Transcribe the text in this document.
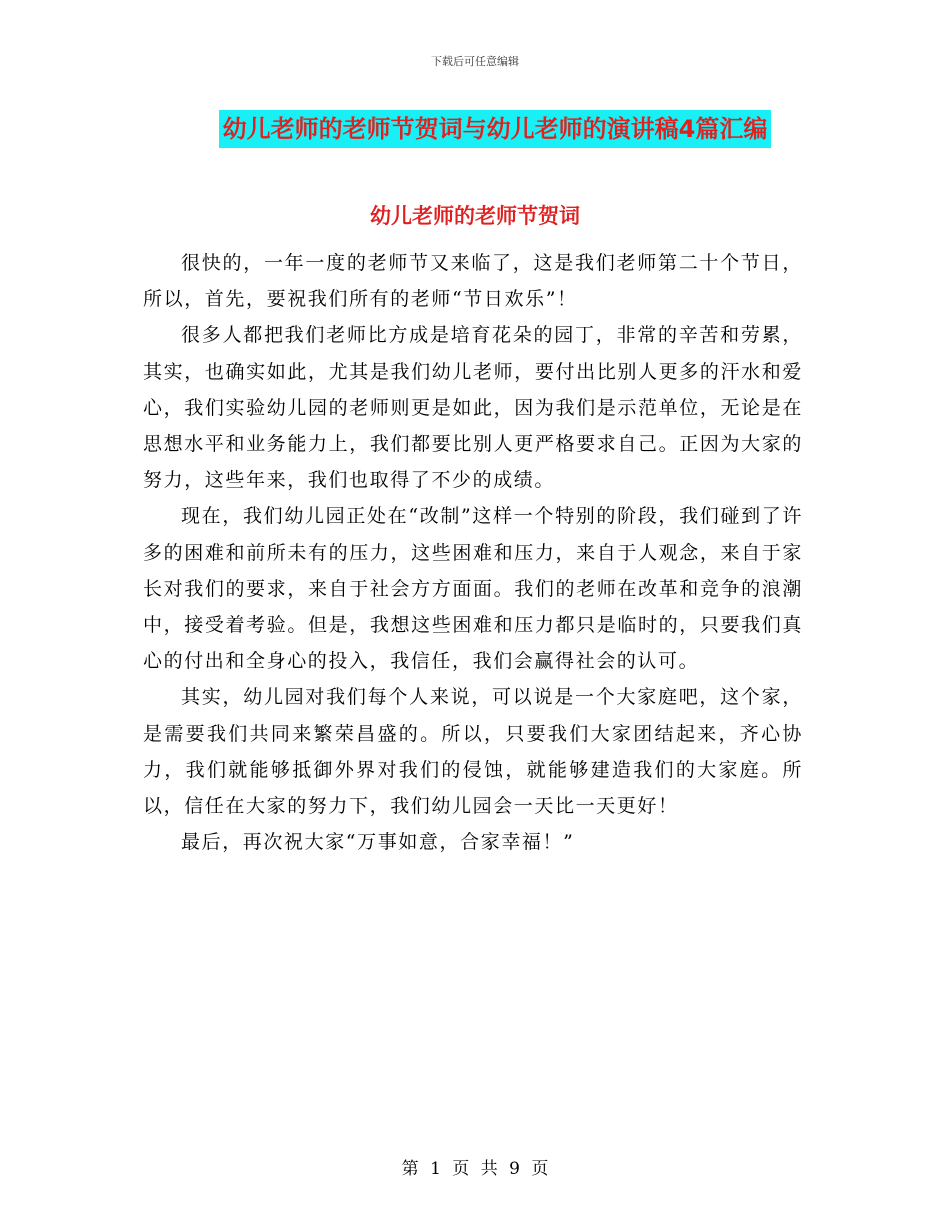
下载后可任意编辑
幼儿老师的老师节贺词与幼儿老师的演讲稿4篇汇编
幼儿老师的老师节贺词

很快的，一年一度的老师节又来临了，这是我们老师第二十个节日，所以，首先，要祝我们所有的老师“节日欢乐”！

很多人都把我们老师比方成是培育花朵的园丁，非常的辛苦和劳累，其实，也确实如此，尤其是我们幼儿老师，要付出比别人更多的汗水和爱心，我们实验幼儿园的老师则更是如此，因为我们是示范单位，无论是在思想水平和业务能力上，我们都要比别人更严格要求自己。正因为大家的努力，这些年来，我们也取得了不少的成绩。

现在，我们幼儿园正处在“改制”这样一个特别的阶段，我们碰到了许多的困难和前所未有的压力，这些困难和压力，来自于人观念，来自于家长对我们的要求，来自于社会方方面面。我们的老师在改革和竞争的浪潮中，接受着考验。但是，我想这些困难和压力都只是临时的，只要我们真心的付出和全身心的投入，我信任，我们会赢得社会的认可。

其实，幼儿园对我们每个人来说，可以说是一个大家庭吧，这个家，是需要我们共同来繁荣昌盛的。所以，只要我们大家团结起来，齐心协力，我们就能够抵御外界对我们的侵蚀，就能够建造我们的大家庭。所以，信任在大家的努力下，我们幼儿园会一天比一天更好！

最后，再次祝大家“万事如意，合家幸福！”

第 1 页 共 9 页
